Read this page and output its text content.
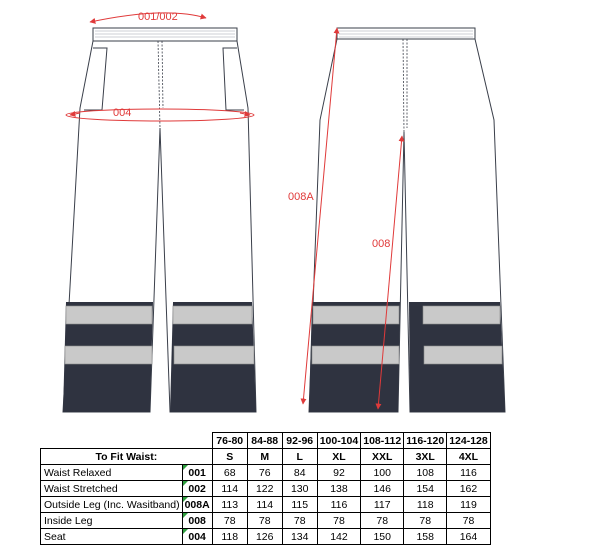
001/002
004
008A
008
		76-80	84-88	92-96	100-104	108-112	116-120	124-128
To Fit Waist:		S	M	L	XL	XXL	3XL	4XL
Waist Relaxed	001	68	76	84	92	100	108	116
Waist Stretched	002	114	122	130	138	146	154	162
Outside Leg (Inc. Wasitband)	008A	113	114	115	116	117	118	119
Inside Leg	008	78	78	78	78	78	78	78
Seat	004	118	126	134	142	150	158	164
